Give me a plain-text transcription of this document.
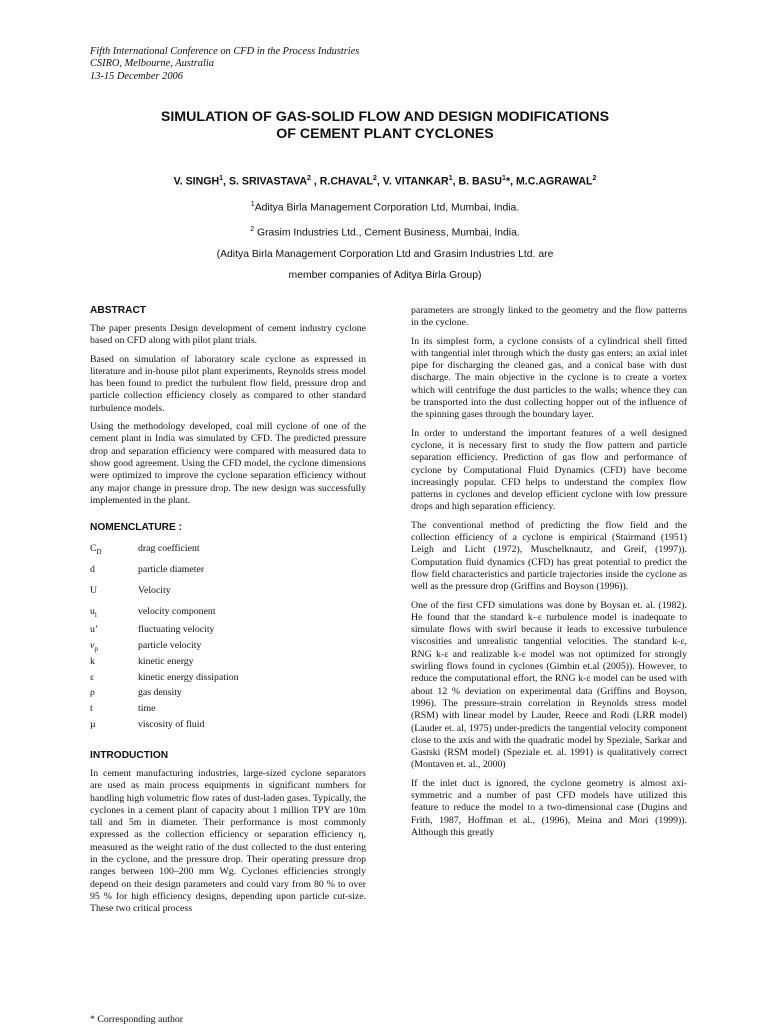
Fifth International Conference on CFD in the Process Industries
CSIRO, Melbourne, Australia
13-15 December 2006
SIMULATION OF GAS-SOLID FLOW AND DESIGN MODIFICATIONS
OF CEMENT PLANT CYCLONES
V. SINGH$^1$, S. SRIVASTAVA$^2$ , R.CHAVAL$^2$, V. VITANKAR$^1$, B. BASU$^1$*, M.C.AGRAWAL$^2$
$^1$Aditya Birla Management Corporation Ltd, Mumbai, India.
$^2$ Grasim Industries Ltd., Cement Business, Mumbai, India.
(Aditya Birla Management Corporation Ltd and Grasim Industries Ltd. are
member companies of Aditya Birla Group)
ABSTRACT

The paper presents Design development of cement industry cyclone based on CFD along with pilot plant trials.

Based on simulation of laboratory scale cyclone as expressed in literature and in-house pilot plant experiments, Reynolds stress model has been found to predict the turbulent flow field, pressure drop and particle collection efficiency closely as compared to other standard turbulence models.

Using the methodology developed, coal mill cyclone of one of the cement plant in India was simulated by CFD. The predicted pressure drop and separation efficiency were compared with measured data to show good agreement. Using the CFD model, the cyclone dimensions were optimized to improve the cyclone separation efficiency without any major change in pressure drop. The new design was successfully implemented in the plant.

NOMENCLATURE :
$C_D$	drag coefficient
d	particle diameter
U	Velocity
$u_i$	velocity component
u’	fluctuating velocity
$v_p$	particle velocity
k	kinetic energy
ε	kinetic energy dissipation
ρ	gas density
t	time
µ	viscosity of fluid
INTRODUCTION

In cement manufacturing industries, large-sized cyclone separators are used as main process equipments in significant numbers for handling high volumetric flow rates of dust-laden gases. Typically, the cyclones in a cement plant of capacity about 1 million TPY are 10m tall and 5m in diameter. Their performance is most commonly expressed as the collection efficiency or separation efficiency η, measured as the weight ratio of the dust collected to the dust entering in the cyclone, and the pressure drop. Their operating pressure drop ranges between 100–200 mm Wg. Cyclones efficiencies strongly depend on their design parameters and could vary from 80 % to over 95 % for high efficiency designs, depending upon particle cut-size. These two critical process

parameters are strongly linked to the geometry and the flow patterns in the cyclone.

In its simplest form, a cyclone consists of a cylindrical shell fitted with tangential inlet through which the dusty gas enters; an axial inlet pipe for discharging the cleaned gas, and a conical base with dust discharge. The main objective in the cyclone is to create a vortex which will centrifuge the dust particles to the walls; whence they can be transported into the dust collecting hopper out of the influence of the spinning gases through the boundary layer.

In order to understand the important features of a well designed cyclone, it is necessary first to study the flow pattern and particle separation efficiency. Prediction of gas flow and performance of cyclone by Computational Fluid Dynamics (CFD) have become increasingly popular. CFD helps to understand the complex flow patterns in cyclones and develop efficient cyclone with low pressure drops and high separation efficiency.

The conventional method of predicting the flow field and the collection efficiency of a cyclone is empirical (Stairmand (1951) Leigh and Licht (1972), Muschelknautz, and Greif, (1997)). Computation fluid dynamics (CFD) has great potential to predict the flow field characteristics and particle trajectories inside the cyclone as well as the pressure drop (Griffins and Boyson (1996)).

One of the first CFD simulations was done by Boysan et. al. (1982). He found that the standard k–ε turbulence model is inadequate to simulate flows with swirl because it leads to excessive turbulence viscosities and unrealistic tangential velocities. The standard k-ε, RNG k-ε and realizable k-ε model was not optimized for strongly swirling flows found in cyclones (Gimbin et.al (2005)). However, to reduce the computational effort, the RNG k-ε model can be used with about 12 % deviation on experimental data (Griffins and Boyson, 1996). The pressure-strain correlation in Reynolds stress model (RSM) with linear model by Lauder, Reece and Rodi (LRR model) (Lauder et. al, 1975) under-predicts the tangential velocity component close to the axis and with the quadratic model by Speziale, Sarkar and Gastski (RSM model) (Speziale et. al. 1991) is qualitatively correct (Montaven et. al., 2000)

If the inlet duct is ignored, the cyclone geometry is almost axi-symmetric and a number of past CFD models have utilized this feature to reduce the model to a two-dimensional case (Dugins and Frith, 1987, Hoffman et al., (1996), Meina and Mori (1999)). Although this greatly

* Corresponding author
